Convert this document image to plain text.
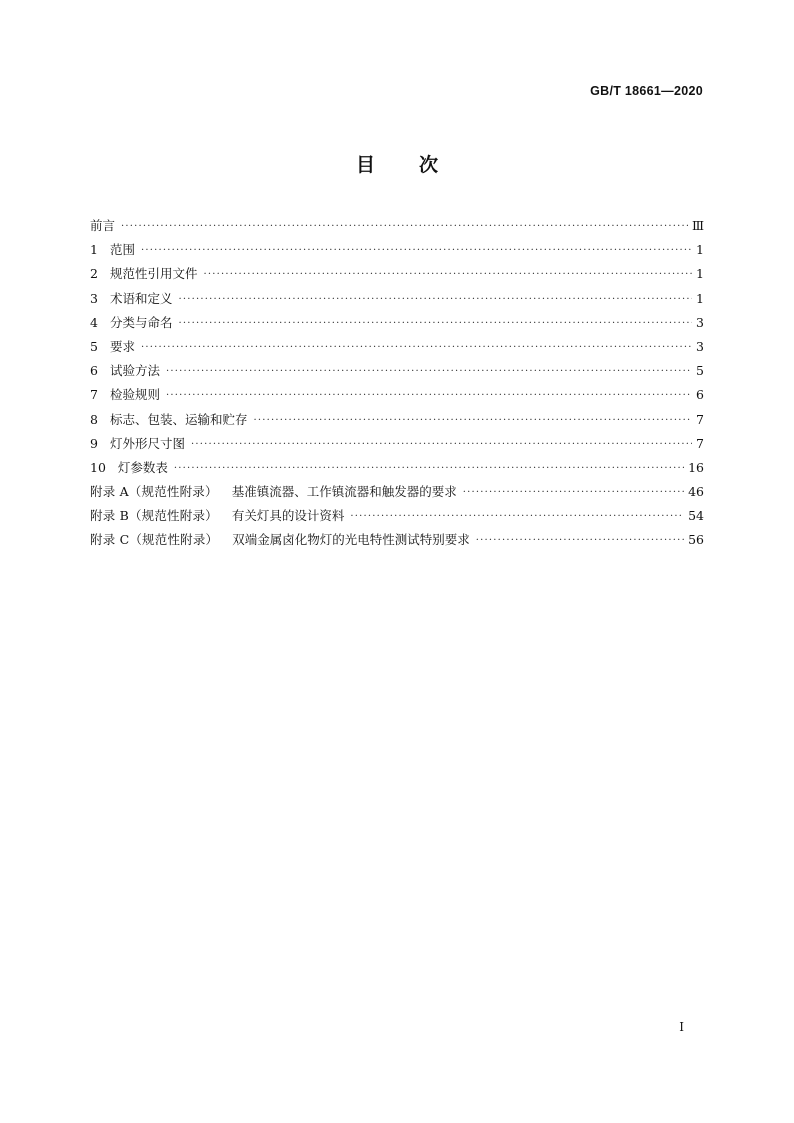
GB/T 18661—2020
目 次
前言 ·····	Ⅲ
1 范围 ·····	1
2 规范性引用文件 ·····	1
3 术语和定义 ·····	1
4 分类与命名 ·····	3
5 要求 ·····	3
6 试验方法 ·····	5
7 检验规则 ·····	6
8 标志、包装、运输和贮存 ·····	7
9 灯外形尺寸图 ·····	7
10 灯参数表 ·····	16
附录 A（规范性附录） 基准镇流器、工作镇流器和触发器的要求 ·····	46
附录 B（规范性附录） 有关灯具的设计资料 ·····	54
附录 C（规范性附录） 双端金属卤化物灯的光电特性测试特别要求 ·····	56
I
